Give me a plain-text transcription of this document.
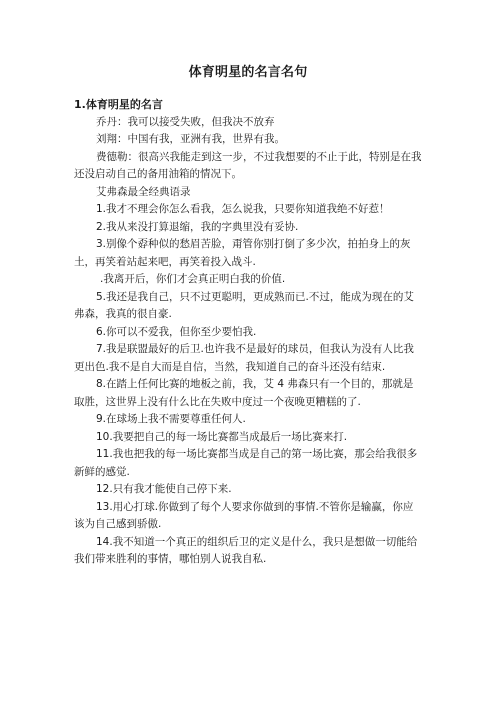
体育明星的名言名句

1.体育明星的名言

乔丹：我可以接受失败，但我决不放弃

刘翔：中国有我，亚洲有我，世界有我。

费德勒：很高兴我能走到这一步，不过我想要的不止于此，特别是在我还没启动自己的备用油箱的情况下。

艾弗森最全经典语录

1.我才不理会你怎么看我，怎么说我，只要你知道我绝不好惹！

2.我从来没打算退缩，我的字典里没有妥协.

3.别像个孬种似的愁眉苦脸，甭管你别打倒了多少次，拍拍身上的灰土，再笑着站起来吧，再笑着投入战斗.

.我离开后，你们才会真正明白我的价值.

5.我还是我自己，只不过更聪明，更成熟而已.不过，能成为现在的艾弗森，我真的很自豪.

6.你可以不爱我，但你至少要怕我.

7.我是联盟最好的后卫.也许我不是最好的球员，但我认为没有人比我更出色.我不是自大而是自信，当然，我知道自己的奋斗还没有结束.

8.在踏上任何比赛的地板之前，我，艾 4 弗森只有一个目的，那就是取胜，这世界上没有什么比在失败中度过一个夜晚更糟糕的了.

9.在球场上我不需要尊重任何人.

10.我要把自己的每一场比赛都当成最后一场比赛来打.

11.我也把我的每一场比赛都当成是自己的第一场比赛，那会给我很多新鲜的感觉.

12.只有我才能使自己停下来.

13.用心打球.你做到了每个人要求你做到的事情.不管你是输赢，你应该为自己感到骄傲.

14.我不知道一个真正的组织后卫的定义是什么，我只是想做一切能给我们带来胜利的事情，哪怕别人说我自私.
